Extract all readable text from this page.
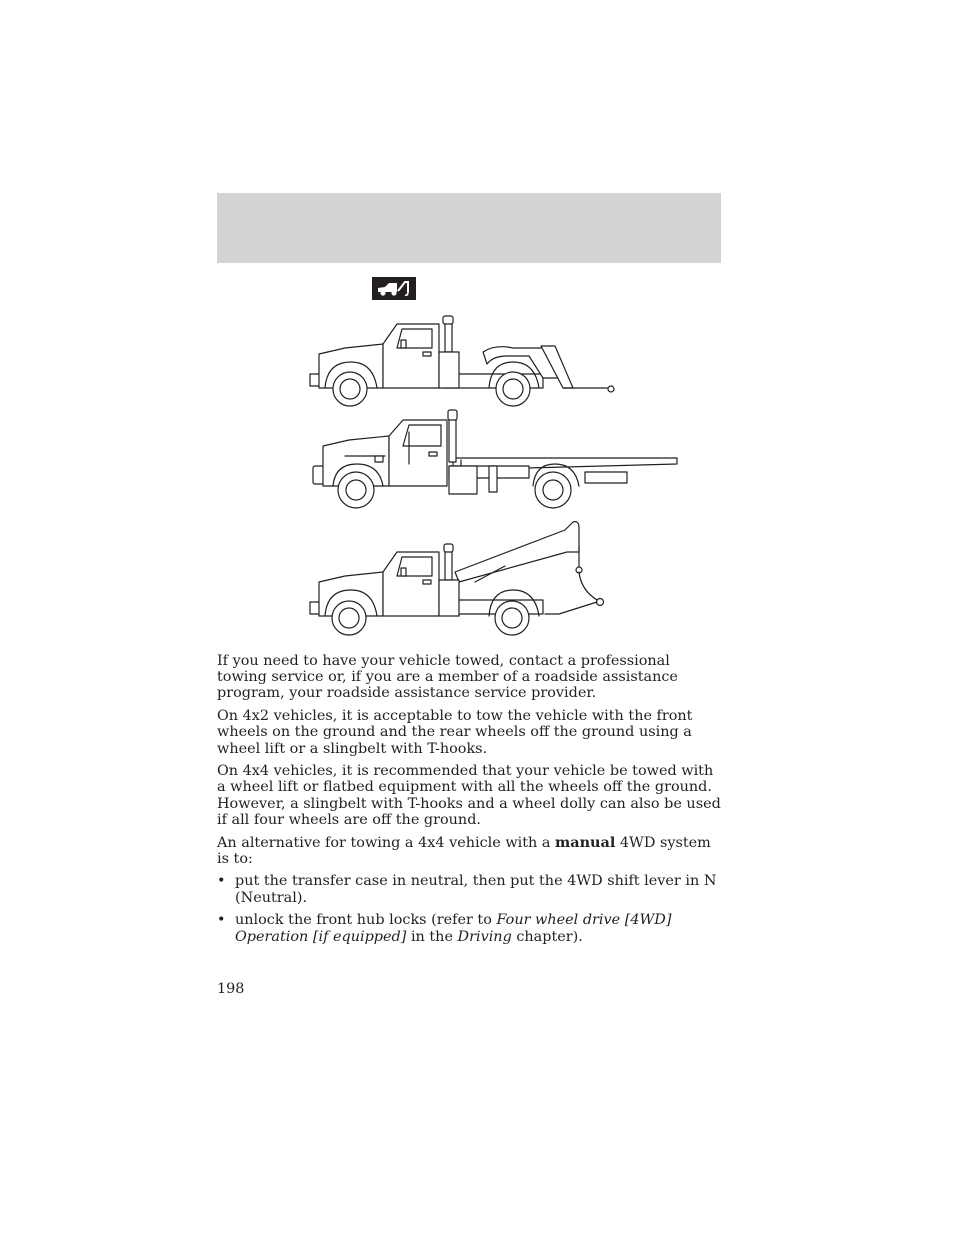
If you need to have your vehicle towed, contact a professional towing service or, if you are a member of a roadside assistance program, your roadside assistance service provider.

On 4x2 vehicles, it is acceptable to tow the vehicle with the front wheels on the ground and the rear wheels off the ground using a wheel lift or a slingbelt with T-hooks.

On 4x4 vehicles, it is recommended that your vehicle be towed with a wheel lift or flatbed equipment with all the wheels off the ground. However, a slingbelt with T-hooks and a wheel dolly can also be used if all four wheels are off the ground.

An alternative for towing a 4x4 vehicle with a manual 4WD system is to:

• put the transfer case in neutral, then put the 4WD shift lever in N (Neutral).
• unlock the front hub locks (refer to Four wheel drive [4WD] Operation [if equipped] in the Driving chapter).
198
